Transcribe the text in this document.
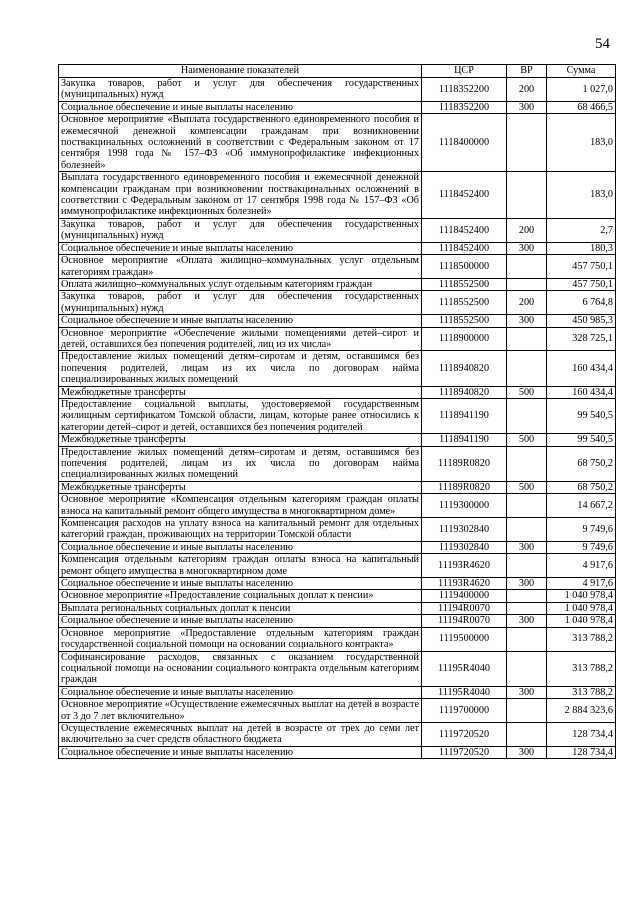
54
Наименование показателей	ЦСР	ВР	Сумма
Закупка товаров, работ и услуг для обеспечения государственных (муниципальных) нужд	1118352200	200	1 027,0
Социальное обеспечение и иные выплаты населению	1118352200	300	68 466,5
Основное мероприятие «Выплата государственного единовременного пособия и ежемесячной денежной компенсации гражданам при возникновении поствакцинальных осложнений в соответствии с Федеральным законом от 17 сентября 1998 года № 157–ФЗ «Об иммунопрофилактике инфекционных болезней»	1118400000		183,0
Выплата государственного единовременного пособия и ежемесячной денежной компенсации гражданам при возникновении поствакцинальных осложнений в соответствии с Федеральным законом от 17 сентября 1998 года № 157–ФЗ «Об иммунопрофилактике инфекционных болезней»	1118452400		183,0
Закупка товаров, работ и услуг для обеспечения государственных (муниципальных) нужд	1118452400	200	2,7
Социальное обеспечение и иные выплаты населению	1118452400	300	180,3
Основное мероприятие «Оплата жилищно–коммунальных услуг отдельным категориям граждан»	1118500000		457 750,1
Оплата жилищно–коммунальных услуг отдельным категориям граждан	1118552500		457 750,1
Закупка товаров, работ и услуг для обеспечения государственных (муниципальных) нужд	1118552500	200	6 764,8
Социальное обеспечение и иные выплаты населению	1118552500	300	450 985,3
Основное мероприятие «Обеспечение жилыми помещениями детей–сирот и детей, оставшихся без попечения родителей, лиц из их числа»	1118900000		328 725,1
Предоставление жилых помещений детям–сиротам и детям, оставшимся без попечения родителей, лицам из их числа по договорам найма специализированных жилых помещений	1118940820		160 434,4
Межбюджетные трансферты	1118940820	500	160 434,4
Предоставление социальной выплаты, удостоверяемой государственным жилищным сертификатом Томской области, лицам, которые ранее относились к категории детей–сирот и детей, оставшихся без попечения родителей	1118941190		99 540,5
Межбюджетные трансферты	1118941190	500	99 540,5
Предоставление жилых помещений детям–сиротам и детям, оставшимся без попечения родителей, лицам из их числа по договорам найма специализированных жилых помещений	11189R0820		68 750,2
Межбюджетные трансферты	11189R0820	500	68 750,2
Основное мероприятие «Компенсация отдельным категориям граждан оплаты взноса на капитальный ремонт общего имущества в многоквартирном доме»	1119300000		14 667,2
Компенсация расходов на уплату взноса на капитальный ремонт для отдельных категорий граждан, проживающих на территории Томской области	1119302840		9 749,6
Социальное обеспечение и иные выплаты населению	1119302840	300	9 749,6
Компенсация отдельным категориям граждан оплаты взноса на капитальный ремонт общего имущества в многоквартирном доме	11193R4620		4 917,6
Социальное обеспечение и иные выплаты населению	11193R4620	300	4 917,6
Основное мероприятие «Предоставление социальных доплат к пенсии»	1119400000		1 040 978,4
Выплата региональных социальных доплат к пенсии	11194R0070		1 040 978,4
Социальное обеспечение и иные выплаты населению	11194R0070	300	1 040 978,4
Основное мероприятие «Предоставление отдельным категориям граждан государственной социальной помощи на основании социального контракта»	1119500000		313 788,2
Софинансирование расходов, связанных с оказанием государственной социальной помощи на основании социального контракта отдельным категориям граждан	11195R4040		313 788,2
Социальное обеспечение и иные выплаты населению	11195R4040	300	313 788,2
Основное мероприятие «Осуществление ежемесячных выплат на детей в возрасте от 3 до 7 лет включительно»	1119700000		2 884 323,6
Осуществление ежемесячных выплат на детей в возрасте от трех до семи лет включительно за счет средств областного бюджета	1119720520		128 734,4
Социальное обеспечение и иные выплаты населению	1119720520	300	128 734,4
